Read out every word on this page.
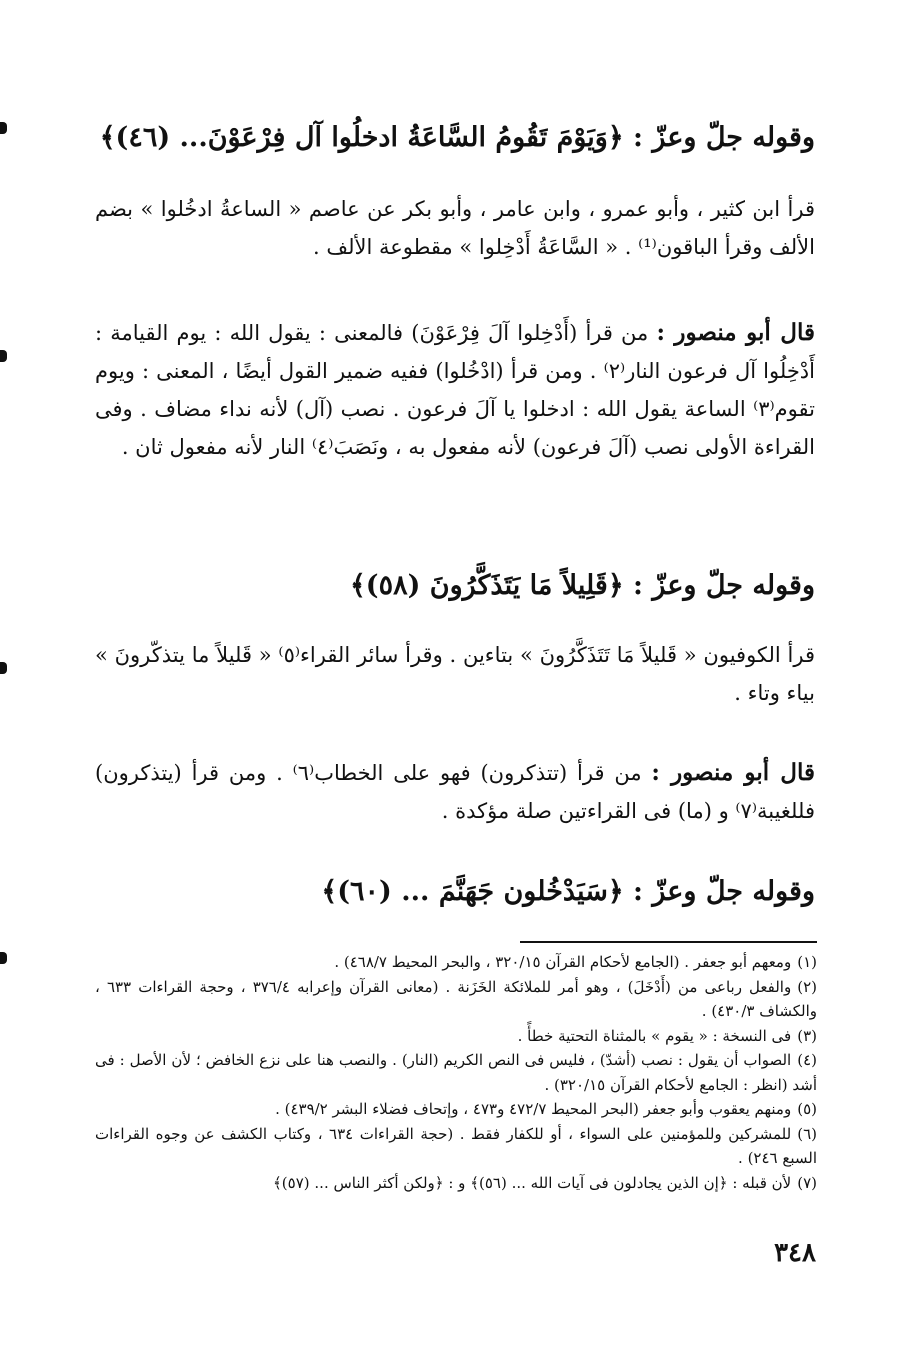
وقوله جلّ وعزّ : ﴿وَيَوْمَ تَقُومُ السَّاعَةُ ادخلُوا آل فِرْعَوْنَ... (٤٦)﴾
قرأ ابن كثير ، وأبو عمرو ، وابن عامر ، وأبو بكر عن عاصم « الساعةُ ادخُلوا » بضم الألف وقرأ الباقون⁽¹⁾ . « السَّاعَةُ أَدْخِلوا » مقطوعة الألف .
قال أبو منصور : من قرأ (أَدْخِلوا آلَ فِرْعَوْنَ) فالمعنى : يقول الله : يوم القيامة : أَدْخِلُوا آل فرعون النار⁽٢⁾ . ومن قرأ (ادْخُلوا) ففيه ضمير القول أيضًا ، المعنى : ويوم تقوم⁽٣⁾ الساعة يقول الله : ادخلوا يا آلَ فرعون . نصب (آل) لأنه نداء مضاف . وفى القراءة الأولى نصب (آلَ فرعون) لأنه مفعول به ، ونَصَبَ⁽٤⁾ النار لأنه مفعول ثان .
وقوله جلّ وعزّ : ﴿قَلِيلاً مَا يَتَذَكَّرُونَ (٥٨)﴾
قرأ الكوفيون « قَليلاً مَا تَتَذَكَّرُونَ » بتاءين . وقرأ سائر القراء⁽٥⁾ « قَليلاً ما يتذكّرونَ » بياء وتاء .
قال أبو منصور : من قرأ (تتذكرون) فهو على الخطاب⁽٦⁾ . ومن قرأ (يتذكرون) فللغيبة⁽٧⁾ و (ما) فى القراءتين صلة مؤكدة .
وقوله جلّ وعزّ : ﴿سَيَدْخُلون جَهَنَّمَ ... (٦٠)﴾

(١)ومعهم أبو جعفر . (الجامع لأحكام القرآن ٣٢٠/١٥ ، والبحر المحيط ٤٦٨/٧) .

(٢)والفعل رباعى من (أَدْخَلَ) ، وهو أمر للملائكة الخَزَنة . (معانى القرآن وإعرابه ٣٧٦/٤ ، وحجة القراءات ٦٣٣ ، والكشاف ٤٣٠/٣) .

(٣)فى النسخة : « يقوم » بالمثناة التحتية خطأً .

(٤)الصواب أن يقول : نصب (أشدّ) ، فليس فى النص الكريم (النار) . والنصب هنا على نزع الخافض ؛ لأن الأصل : فى أشد (انظر : الجامع لأحكام القرآن ٣٢٠/١٥) .

(٥)ومنهم يعقوب وأبو جعفر (البحر المحيط ٤٧٢/٧ و٤٧٣ ، وإتحاف فضلاء البشر ٤٣٩/٢) .

(٦)للمشركين وللمؤمنين على السواء ، أو للكفار فقط . (حجة القراءات ٦٣٤ ، وكتاب الكشف عن وجوه القراءات السبع ٢٤٦) .

(٧)لأن قبله : ﴿إن الذين يجادلون فى آيات الله ... (٥٦)﴾ و : ﴿ولكن أكثر الناس ... (٥٧)﴾

٣٤٨
